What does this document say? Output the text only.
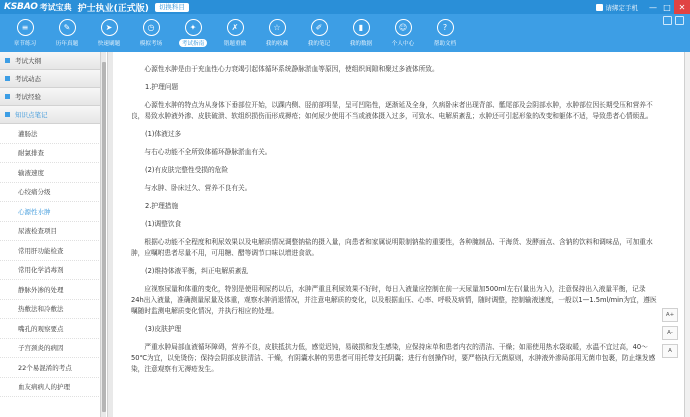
KSBAO 考试宝典 护士执业(正式版)	切换科目	请绑定手机	— □ ✕
≡
章节练习
✎
历年真题
➤
快速刷题
◷
模拟考场
✦
考试指南
✗
错题重做
☆
我的收藏
✐
我的笔记
▮
我的数据
☺
个人中心
?
帮助文档
考试大纲
考试动态
考试经验
知识点笔记
灌肠法
耐氯排查
输液速度
心绞痛分级
心源性水肿
尿液检查项目
常用肝功能检查
常用化学消毒剂
静脉外渗的处理
热敷法和冷敷法
嘴孔的观察要点
子宫颈炎的病因
22个易混淆的考点
血友病病人的护理

心源性水肿是由于充血性心力衰竭引起体循环系统静脉淤血等原因，使组织间隙和聚过多液体所致。

1.护理问题

心源性水肿的特点为从身体下垂部位开始，以踝内侧、胫前部明显，呈可凹陷性，逐渐延及全身，久病卧床者出现背部、骶尾部及会阴部水肿，水肿部位因长期受压和营养不良，易致水肿液外渗、皮肤破溃、软组织损伤而形成褥疮；如何尿少使用不当或液体摄入过多，可致水、电解质紊乱；水肿还可引起形象的改变和躯体不适，导致患者心情烦乱。

(1)体液过多

与右心功能不全所致体循环静脉淤血有关。

(2)有皮肤完整性受损的危险

与水肿、卧床过久、营养不良有关。

2.护理措施

(1)调整饮食

根据心功能不全程度和利尿效果以及电解质情况调整钠盐的摄入量，向患者和家属说明限制钠盐的重要性，各种腌制品、干海货、发酵面点、含钠的饮料和调味品，可加重水肿，应嘱咐患者尽量不用，可用糖、醋等调节口味以增进食欲。

(2)维持体液平衡，纠正电解质紊乱

应视察尿量和体重的变化，特别是使用利尿药以后，水肿严重且利尿效果不好时，每日入液量应控制在前一天尿量加500ml左右(量出为入)，注意保持出入液量平衡，记录24h出入液量，准确测量尿量及体重，观察水肿消退情况，并注意电解质的变化，以及根据血压、心率、呼吸及病情，随时调整，控制输液速度，一般以1—1.5ml/min为宜，遵医嘱随时监测电解质变化情况，并执行相应的处理。

(3)皮肤护理

严重水肿局部血液循环障碍，营养不良，皮肤抵抗力低，感觉迟钝，易破损和发生感染，应保持床单和患者内衣的清洁、干燥；如需使用热水袋取暖，水温不宜过高，40～50℃为宜，以免烫伤；保持会阴部皮肤清洁、干燥，有阴囊水肿的男患者可用托带支托阴囊；进行有创操作时，要严格执行无菌原则，水肿液外渗局部用无菌巾包裹，防止继发感染，注意观察有无褥疮发生。

A+
A-
A
